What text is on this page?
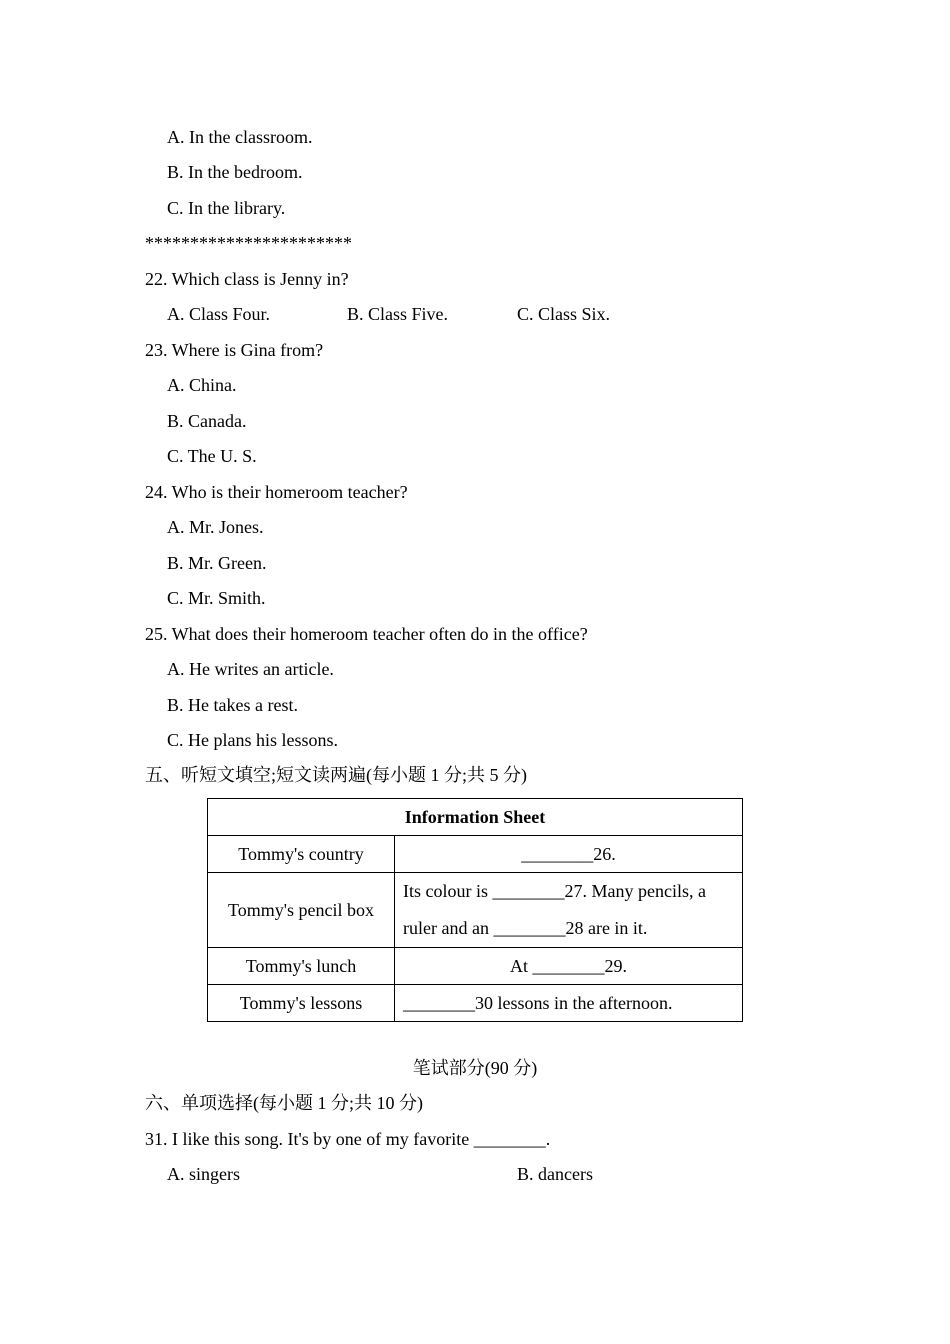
A. In the classroom.
B. In the bedroom.
C. In the library.
***********************
22. Which class is Jenny in?
A. Class Four.	B. Class Five.	C. Class Six.
23. Where is Gina from?
A. China.
B. Canada.
C. The U. S.
24. Who is their homeroom teacher?
A. Mr. Jones.
B. Mr. Green.
C. Mr. Smith.
25. What does their homeroom teacher often do in the office?
A. He writes an article.
B. He takes a rest.
C. He plans his lessons.
五、听短文填空;短文读两遍(每小题 1 分;共 5 分)
Information Sheet	
Tommy's country	________26.
Tommy's pencil box	Its colour is ________27. Many pencils, a
ruler and an ________28 are in it.

Tommy's lunch	At ________29.
Tommy's lessons	________30 lessons in the afternoon.
笔试部分(90 分)
六、单项选择(每小题 1 分;共 10 分)
31. I like this song. It's by one of my favorite ________.
A. singers	B. dancers
